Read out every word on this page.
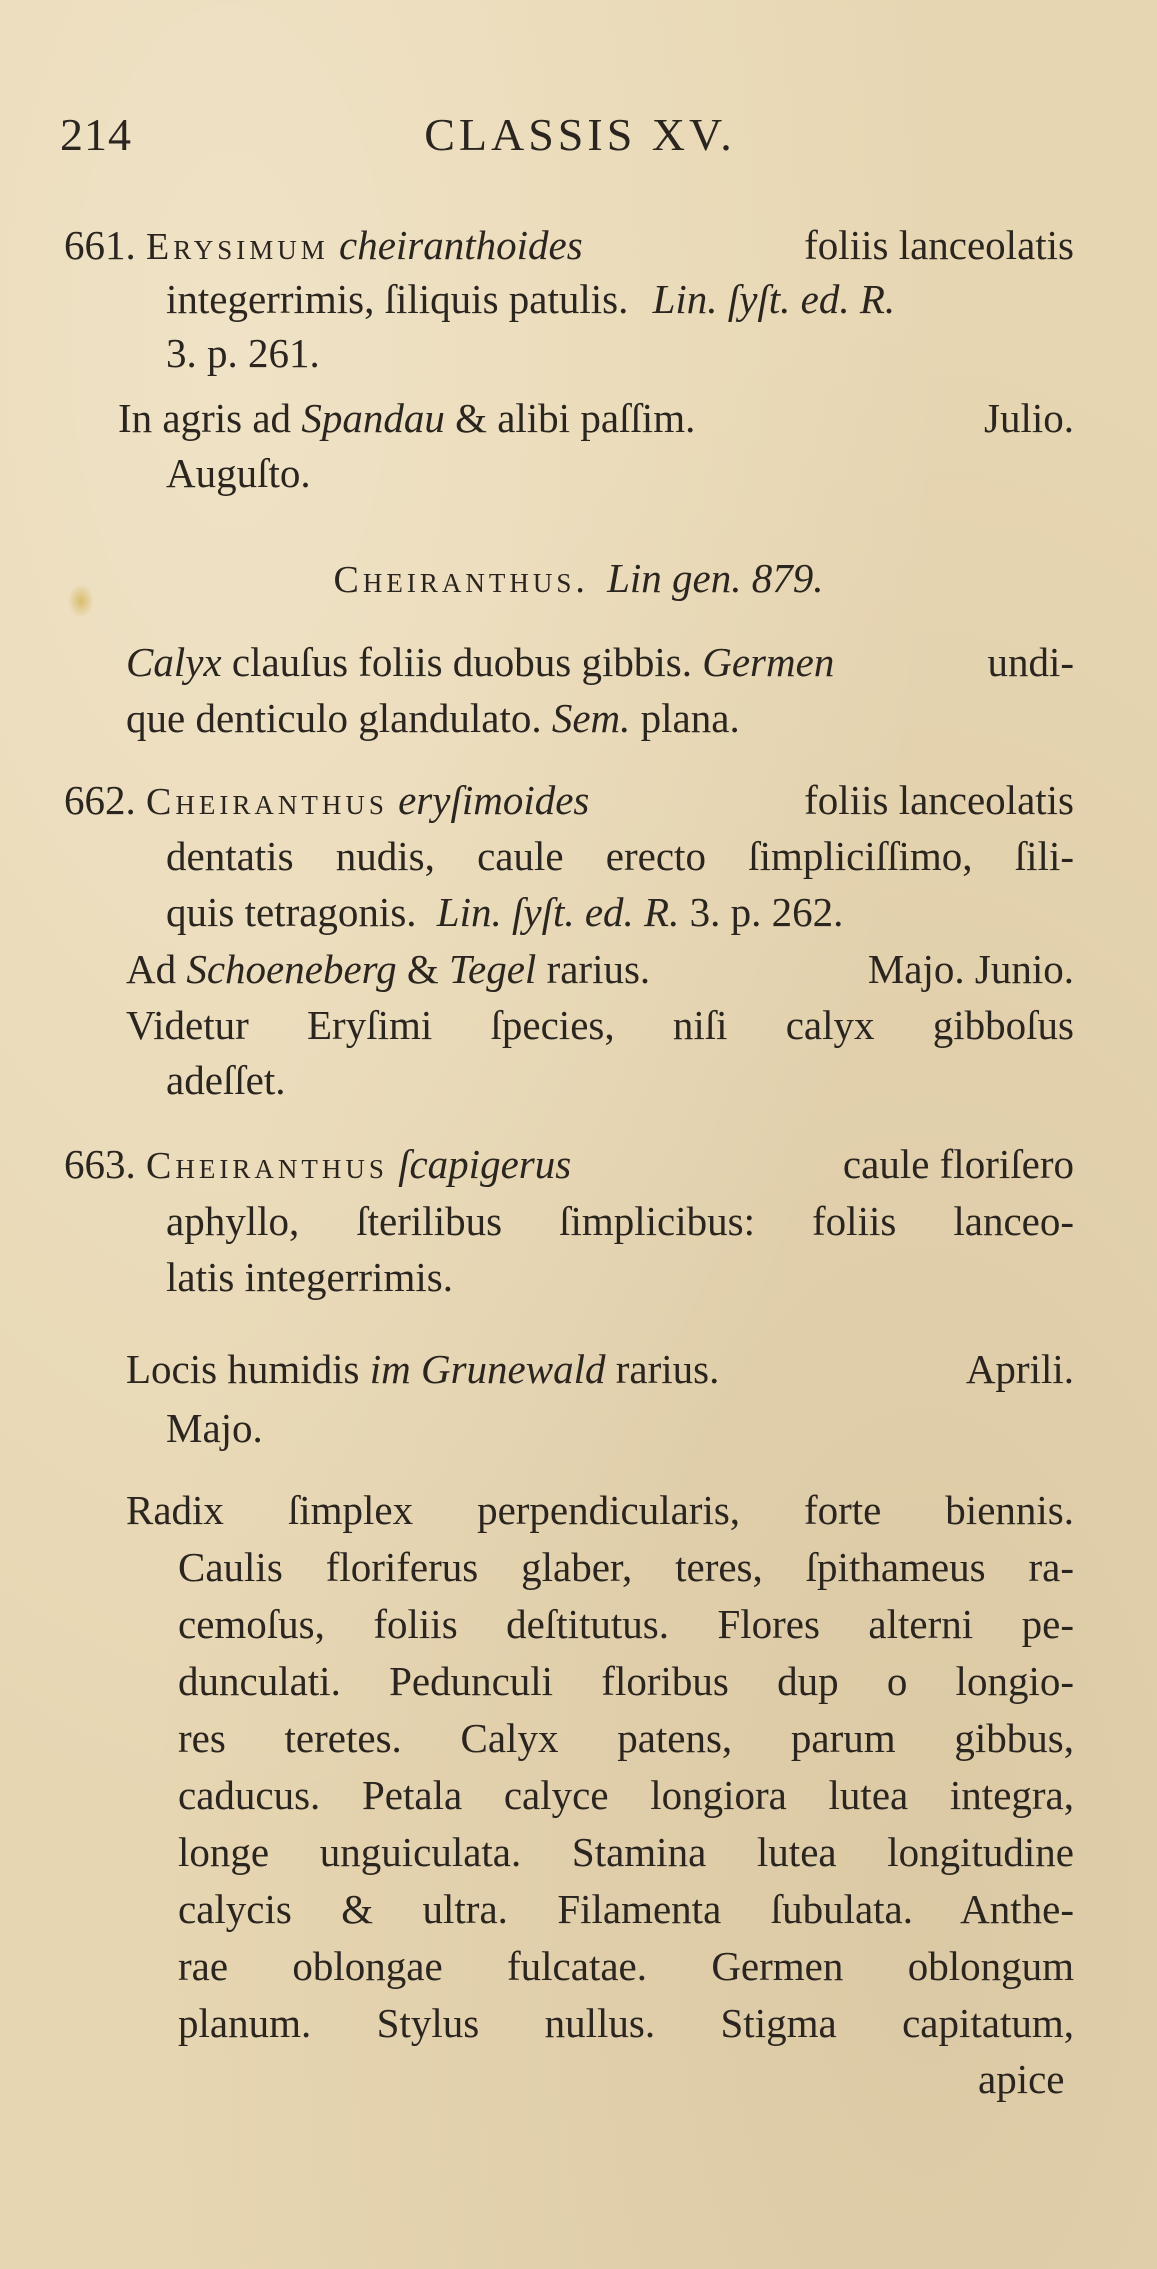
214	CLASSIS XV.
661. Erysimum cheiranthoides	foliis lanceolatis
integerrimis, ſiliquis patulis. Lin. ſyſt. ed. R.
3. p. 261.
In agris ad Spandau & alibi paſſim.	Julio.
Auguſto.
Cheiranthus. Lin gen. 879.
Calyx clauſus foliis duobus gibbis. Germen	undi-
que denticulo glandulato. Sem. plana.
662. Cheiranthus eryſimoides	foliis lanceolatis
dentatis nudis, caule erecto ſimpliciſſimo, ſili-
quis tetragonis. Lin. ſyſt. ed. R. 3. p. 262.
Ad Schoeneberg & Tegel rarius.	Majo. Junio.
Videtur Eryſimi ſpecies, niſi calyx gibboſus
adeſſet.
663. Cheiranthus ſcapigerus	caule floriſero
aphyllo, ſterilibus ſimplicibus: foliis lanceo-
latis integerrimis.
Locis humidis im Grunewald rarius.	Aprili.
Majo.
Radix ſimplex perpendicularis, forte biennis.
Caulis floriferus glaber, teres, ſpithameus ra-
cemoſus, foliis deſtitutus. Flores alterni pe-
dunculati. Pedunculi floribus dup o longio-
res teretes. Calyx patens, parum gibbus,
caducus. Petala calyce longiora lutea integra,
longe unguiculata. Stamina lutea longitudine
calycis & ultra. Filamenta ſubulata. Anthe-
rae oblongae fulcatae. Germen oblongum
planum. Stylus nullus. Stigma capitatum,
apice
